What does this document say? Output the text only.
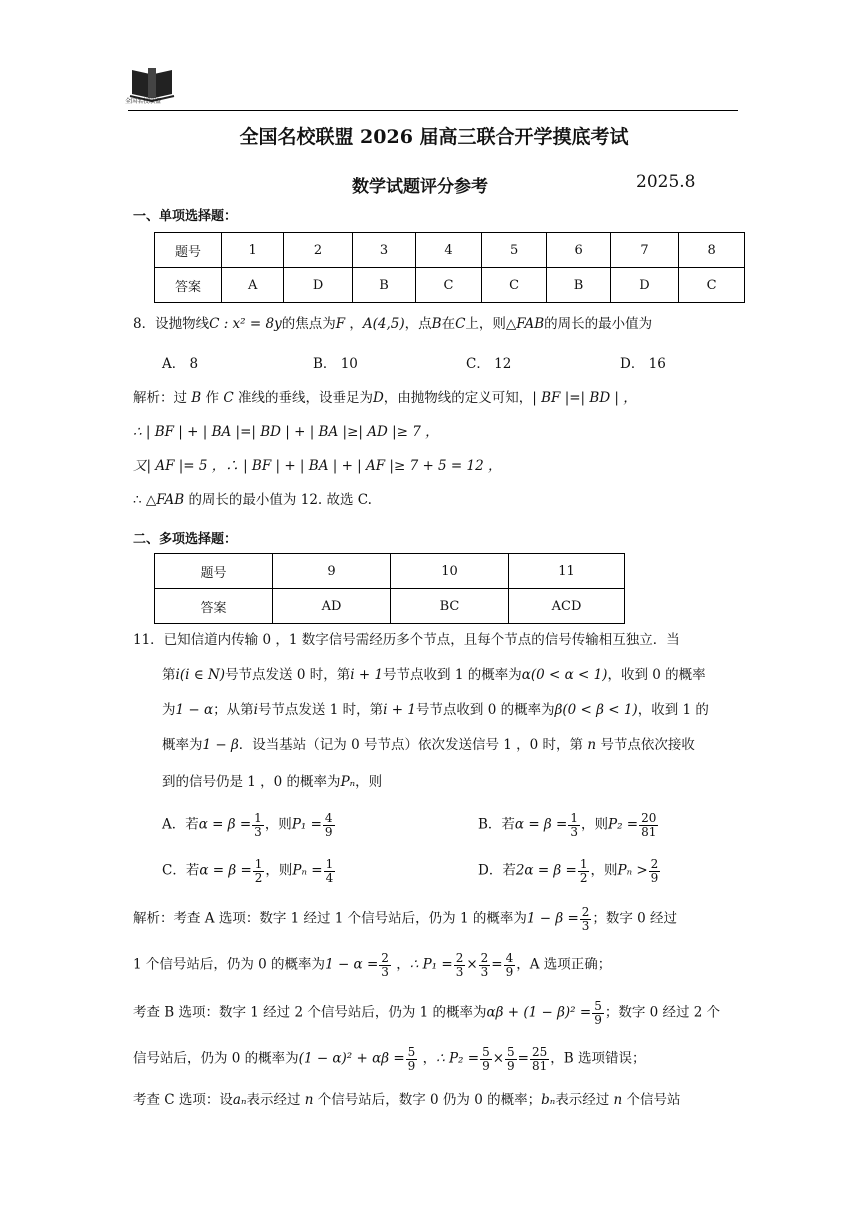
全国名校联盟
全国名校联盟 2026 届高三联合开学摸底考试
数学试题评分参考	2025.8
一、单项选择题：
题号	1	2	3	4	5	6	7	8
答案	A	D	B	C	C	B	D	C
8．设抛物线C : x² = 8y的焦点为F ，A(4,5)，点B在C上，则△FAB的周长的最小值为
A． 8	B． 10	C． 12	D． 16
解析：过 B 作 C 准线的垂线，设垂足为D，由抛物线的定义可知，| BF |=| BD | ，
∴ | BF | + | BA |=| BD | + | BA |≥| AD |≥ 7 ，
又| AF |= 5 ，∴ | BF | + | BA | + | AF |≥ 7 + 5 = 12 ，
∴ △FAB 的周长的最小值为 12. 故选 C.
二、多项选择题：
题号	9	10	11
答案	AD	BC	ACD
11．已知信道内传输 0 ，1 数字信号需经历多个节点，且每个节点的信号传输相互独立．当
第i(i ∈ N)号节点发送 0 时，第i + 1号节点收到 1 的概率为α(0 < α < 1)，收到 0 的概率
为1 − α；从第i号节点发送 1 时，第i + 1号节点收到 0 的概率为β(0 < β < 1)，收到 1 的
概率为1 − β．设当基站（记为 0 号节点）依次发送信号 1 ，0 时，第 n 号节点依次接收
到的信号仍是 1 ，0 的概率为Pₙ，则
A．若$\alpha = \beta = \frac{1}{3}$ ，则$P_1 = \frac{4}{9}$	B．若$\alpha = \beta = \frac{1}{3}$ ，则$P_2 = \frac{20}{81}$
C．若$\alpha = \beta = \frac{1}{2}$ ，则$P_n = \frac{1}{4}$	D．若$2\alpha = \beta = \frac{1}{2}$ ，则$P_n > \frac{2}{9}$
解析：考查 A 选项：数字 1 经过 1 个信号站后，仍为 1 的概率为$1 - \beta = \frac{2}{3}$ ；数字 0 经过
1 个信号站后，仍为 0 的概率为$1 - \alpha = \frac{2}{3}$ ，∴ $P_1 = \frac{2}{3} \times \frac{2}{3} = \frac{4}{9}$ ，A 选项正确；
考查 B 选项：数字 1 经过 2 个信号站后，仍为 1 的概率为$\alpha\beta + (1 - \beta)^2 = \frac{5}{9}$ ；数字 0 经过 2 个
信号站后，仍为 0 的概率为$(1 - \alpha)^2 + \alpha\beta = \frac{5}{9}$ ，∴ $P_2 = \frac{5}{9} \times \frac{5}{9} = \frac{25}{81}$ ，B 选项错误；
考查 C 选项：设aₙ表示经过 n 个信号站后，数字 0 仍为 0 的概率；bₙ表示经过 n 个信号站
